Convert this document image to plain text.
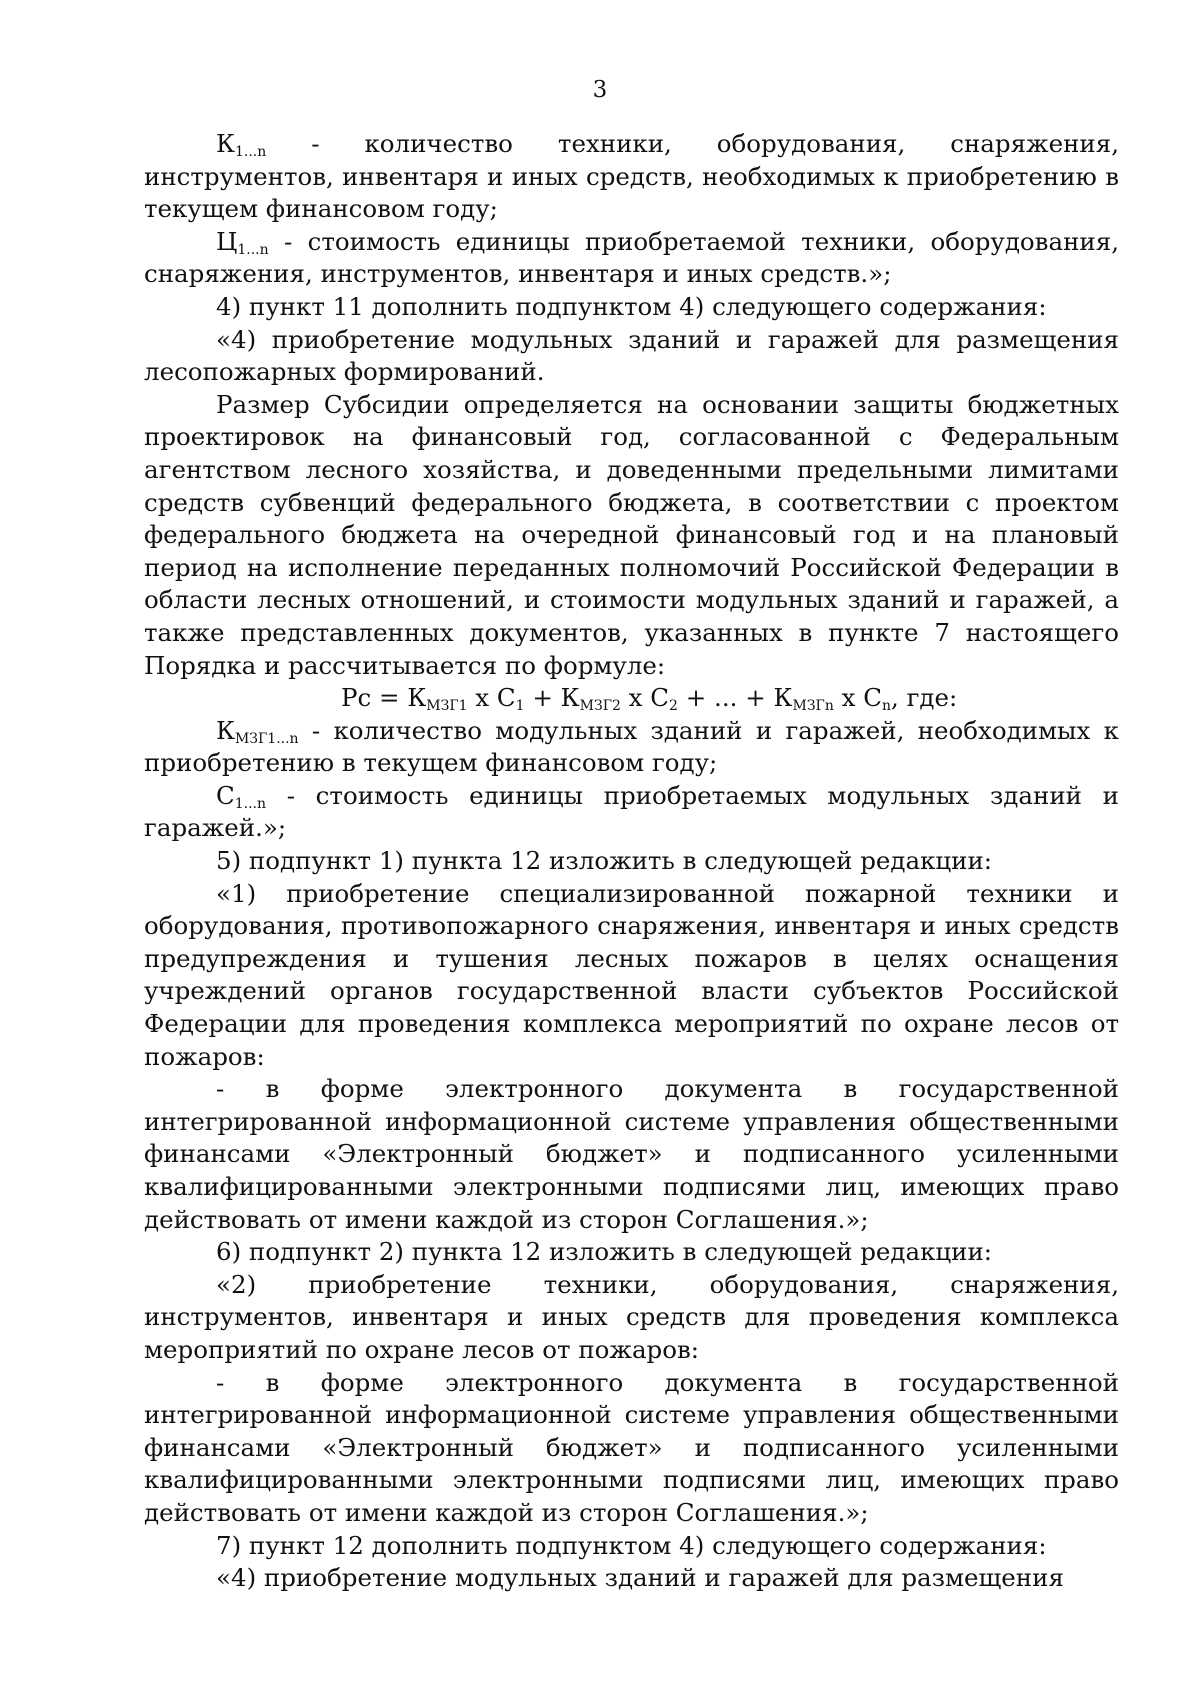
3

$К_{1...n}$ - количество техники, оборудования, снаряжения, инструментов, инвентаря и иных средств, необходимых к приобретению в текущем финансовом году;

$Ц_{1...n}$ - стоимость единицы приобретаемой техники, оборудования, снаряжения, инструментов, инвентаря и иных средств.»;

4) пункт 11 дополнить подпунктом 4) следующего содержания:

«4) приобретение модульных зданий и гаражей для размещения лесопожарных формирований.

Размер Субсидии определяется на основании защиты бюджетных проектировок на финансовый год, согласованной с Федеральным агентством лесного хозяйства, и доведенными предельными лимитами средств субвенций федерального бюджета, в соответствии с проектом федерального бюджета на очередной финансовый год и на плановый период на исполнение переданных полномочий Российской Федерации в области лесных отношений, и стоимости модульных зданий и гаражей, а также представленных документов, указанных в пункте 7 настоящего Порядка и рассчитывается по формуле:

Рс = $К_{МЗГ1}$ х $С_1 + К_{МЗГ2}$ х $С_2$ + ... + $К_{МЗГn}$ х $С_n$, где:

$К_{МЗГ1...n}$ - количество модульных зданий и гаражей, необходимых к приобретению в текущем финансовом году;

$С_{1...n}$ - стоимость единицы приобретаемых модульных зданий и гаражей.»;

5) подпункт 1) пункта 12 изложить в следующей редакции:

«1) приобретение специализированной пожарной техники и оборудования, противопожарного снаряжения, инвентаря и иных средств предупреждения и тушения лесных пожаров в целях оснащения учреждений органов государственной власти субъектов Российской Федерации для проведения комплекса мероприятий по охране лесов от пожаров:

- в форме электронного документа в государственной интегрированной информационной системе управления общественными финансами «Электронный бюджет» и подписанного усиленными квалифицированными электронными подписями лиц, имеющих право действовать от имени каждой из сторон Соглашения.»;

6) подпункт 2) пункта 12 изложить в следующей редакции:

«2) приобретение техники, оборудования, снаряжения, инструментов, инвентаря и иных средств для проведения комплекса мероприятий по охране лесов от пожаров:

- в форме электронного документа в государственной интегрированной информационной системе управления общественными финансами «Электронный бюджет» и подписанного усиленными квалифицированными электронными подписями лиц, имеющих право действовать от имени каждой из сторон Соглашения.»;

7) пункт 12 дополнить подпунктом 4) следующего содержания:

«4) приобретение модульных зданий и гаражей для размещения
